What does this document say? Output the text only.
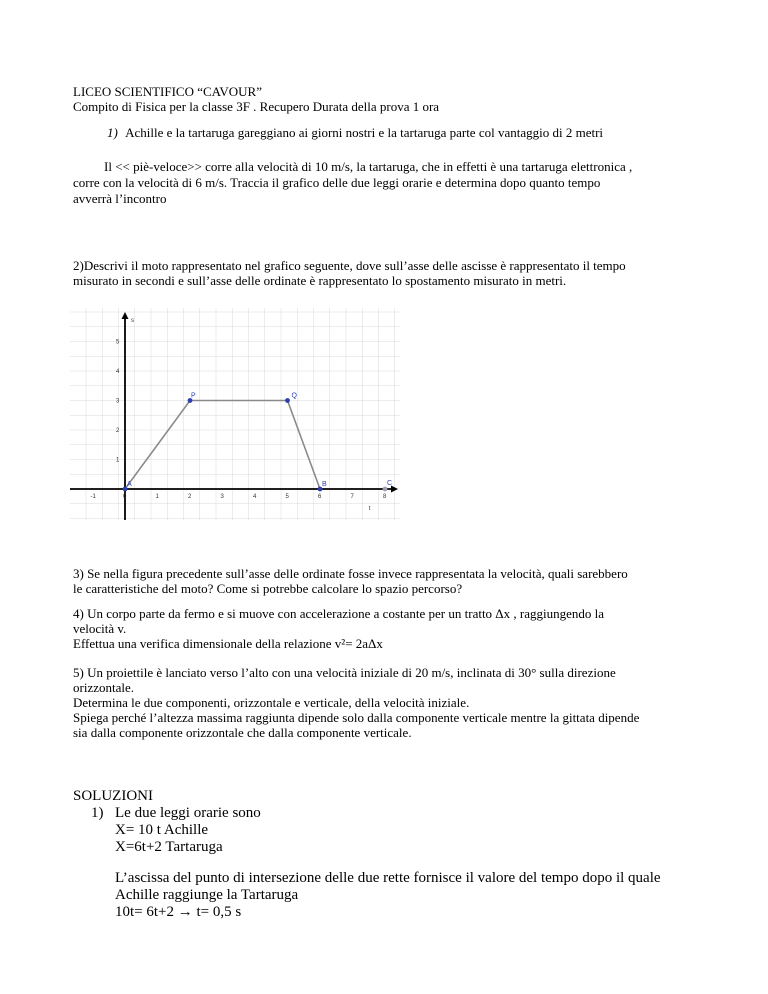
LICEO SCIENTIFICO “CAVOUR”
Compito di Fisica per la classe 3F . Recupero Durata della prova 1 ora
1) Achille e la tartaruga gareggiano ai giorni nostri e la tartaruga parte col vantaggio di 2 metri
Il << piè-veloce>> corre alla velocità di 10 m/s, la tartaruga, che in effetti è una tartaruga elettronica ,
corre con la velocità di 6 m/s. Traccia il grafico delle due leggi orarie e determina dopo quanto tempo
avverrà l’incontro
2)Descrivi il moto rappresentato nel grafico seguente, dove sull’asse delle ascisse è rappresentato il tempo
misurato in secondi e sull’asse delle ordinate è rappresentato lo spostamento misurato in metri.
-1	0	1	2	3	4	5	6	7	8
1
2
3
4
5
s
t
A
P	Q
B	C
3) Se nella figura precedente sull’asse delle ordinate fosse invece rappresentata la velocità, quali sarebbero
le caratteristiche del moto? Come si potrebbe calcolare lo spazio percorso?
4) Un corpo parte da fermo e si muove con accelerazione a costante per un tratto Δx , raggiungendo la
velocità v.
Effettua una verifica dimensionale della relazione v²= 2aΔx
5) Un proiettile è lanciato verso l’alto con una velocità iniziale di 20 m/s, inclinata di 30° sulla direzione
orizzontale.
Determina le due componenti, orizzontale e verticale, della velocità iniziale.
Spiega perché l’altezza massima raggiunta dipende solo dalla componente verticale mentre la gittata dipende
sia dalla componente orizzontale che dalla componente verticale.
SOLUZIONI
1) Le due leggi orarie sono
X= 10 t Achille
X=6t+2 Tartaruga
L’ascissa del punto di intersezione delle due rette fornisce il valore del tempo dopo il quale
Achille raggiunge la Tartaruga
10t= 6t+2 → t= 0,5 s
